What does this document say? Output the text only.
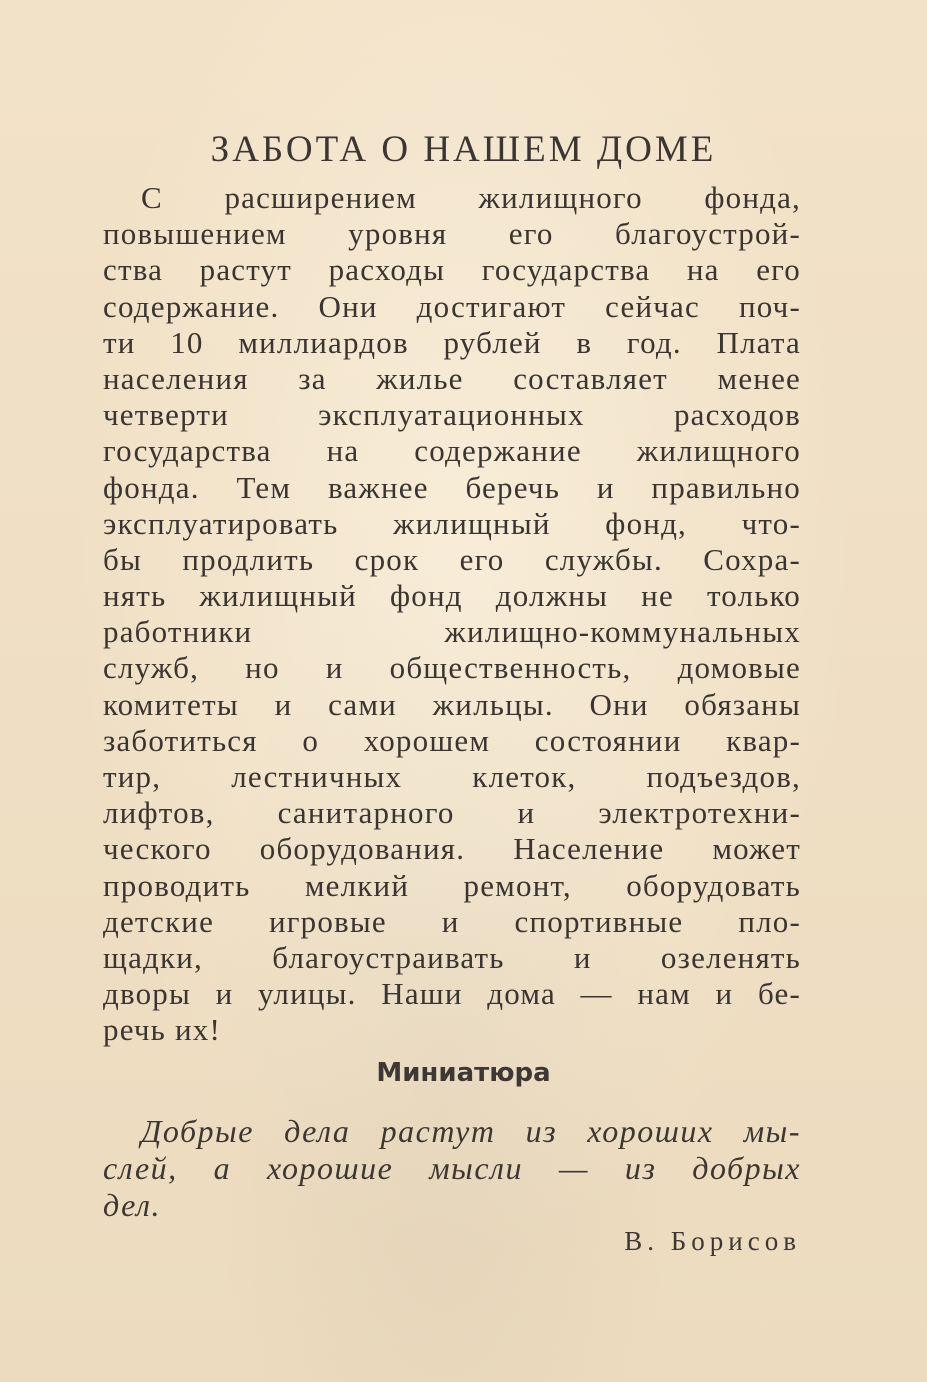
ЗАБОТА О НАШЕМ ДОМЕ
С расширением жилищного фонда,
повышением уровня его благоустрой-
ства растут расходы государства на его
содержание. Они достигают сейчас поч-
ти 10 миллиардов рублей в год. Плата
населения за жилье составляет менее
четверти эксплуатационных расходов
государства на содержание жилищного
фонда. Тем важнее беречь и правильно
эксплуатировать жилищный фонд, что-
бы продлить срок его службы. Сохра-
нять жилищный фонд должны не только
работники жилищно-коммунальных
служб, но и общественность, домовые
комитеты и сами жильцы. Они обязаны
заботиться о хорошем состоянии квар-
тир, лестничных клеток, подъездов,
лифтов, санитарного и электротехни-
ческого оборудования. Население может
проводить мелкий ремонт, оборудовать
детские игровые и спортивные пло-
щадки, благоустраивать и озеленять
дворы и улицы. Наши дома — нам и бе-
речь их!
Миниатюра
Добрые дела растут из хороших мы-
слей, а хорошие мысли — из добрых
дел.
В. Борисов
